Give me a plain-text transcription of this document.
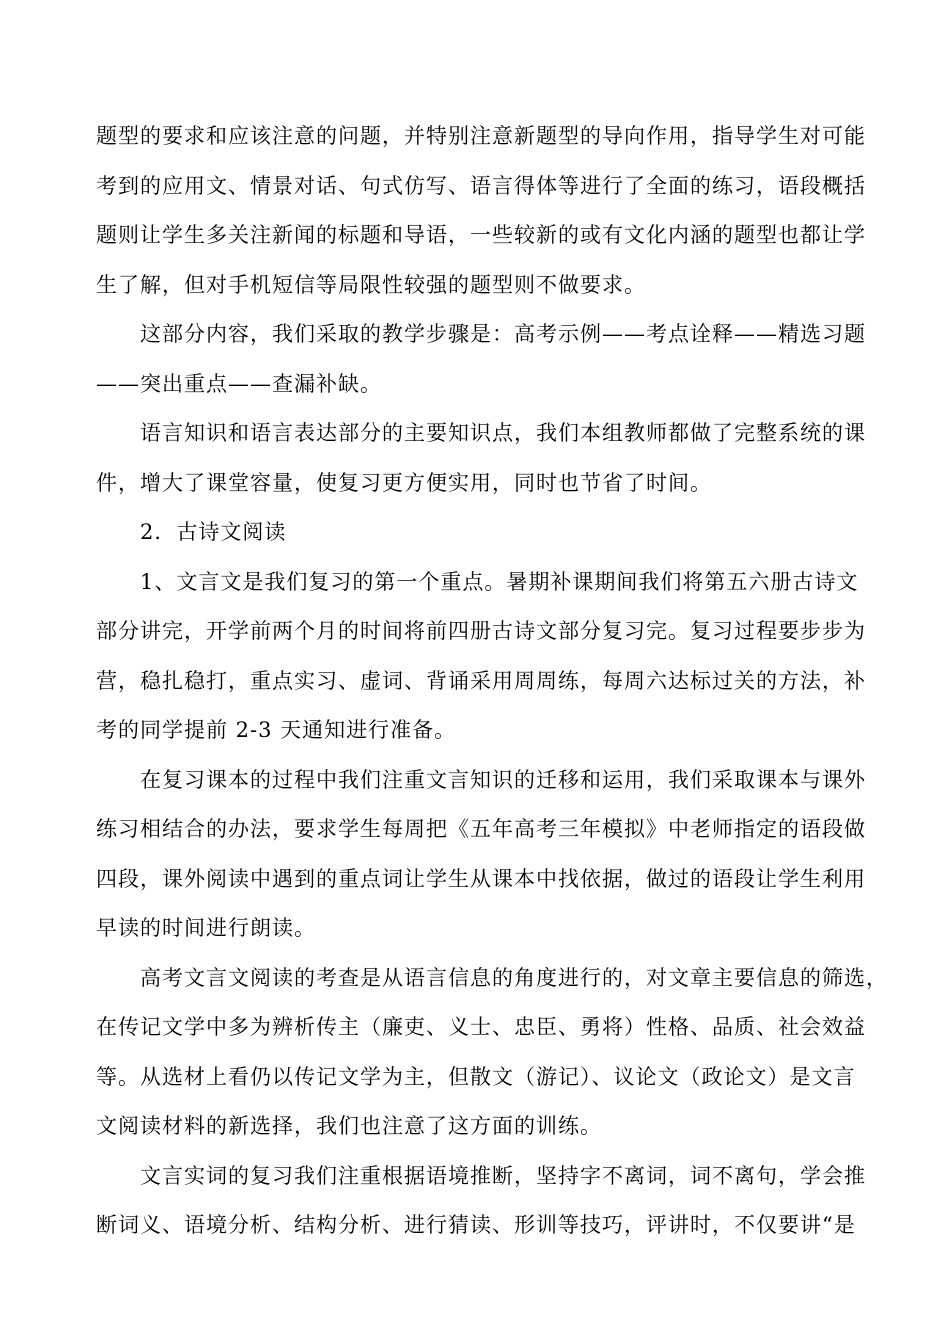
题型的要求和应该注意的问题，并特别注意新题型的导向作用，指导学生对可能
考到的应用文、情景对话、句式仿写、语言得体等进行了全面的练习，语段概括
题则让学生多关注新闻的标题和导语，一些较新的或有文化内涵的题型也都让学
生了解，但对手机短信等局限性较强的题型则不做要求。
这部分内容，我们采取的教学步骤是：高考示例——考点诠释——精选习题
——突出重点——查漏补缺。
语言知识和语言表达部分的主要知识点，我们本组教师都做了完整系统的课
件，增大了课堂容量，使复习更方便实用，同时也节省了时间。
2．古诗文阅读
1、文言文是我们复习的第一个重点。暑期补课期间我们将第五六册古诗文
部分讲完，开学前两个月的时间将前四册古诗文部分复习完。复习过程要步步为
营，稳扎稳打，重点实习、虚词、背诵采用周周练，每周六达标过关的方法，补
考的同学提前 2-3 天通知进行准备。
在复习课本的过程中我们注重文言知识的迁移和运用，我们采取课本与课外
练习相结合的办法，要求学生每周把《五年高考三年模拟》中老师指定的语段做
四段，课外阅读中遇到的重点词让学生从课本中找依据，做过的语段让学生利用
早读的时间进行朗读。
高考文言文阅读的考查是从语言信息的角度进行的，对文章主要信息的筛选，
在传记文学中多为辨析传主（廉吏、义士、忠臣、勇将）性格、品质、社会效益
等。从选材上看仍以传记文学为主，但散文（游记）、议论文（政论文）是文言
文阅读材料的新选择，我们也注意了这方面的训练。
文言实词的复习我们注重根据语境推断，坚持字不离词，词不离句，学会推
断词义、语境分析、结构分析、进行猜读、形训等技巧，评讲时，不仅要讲“是
